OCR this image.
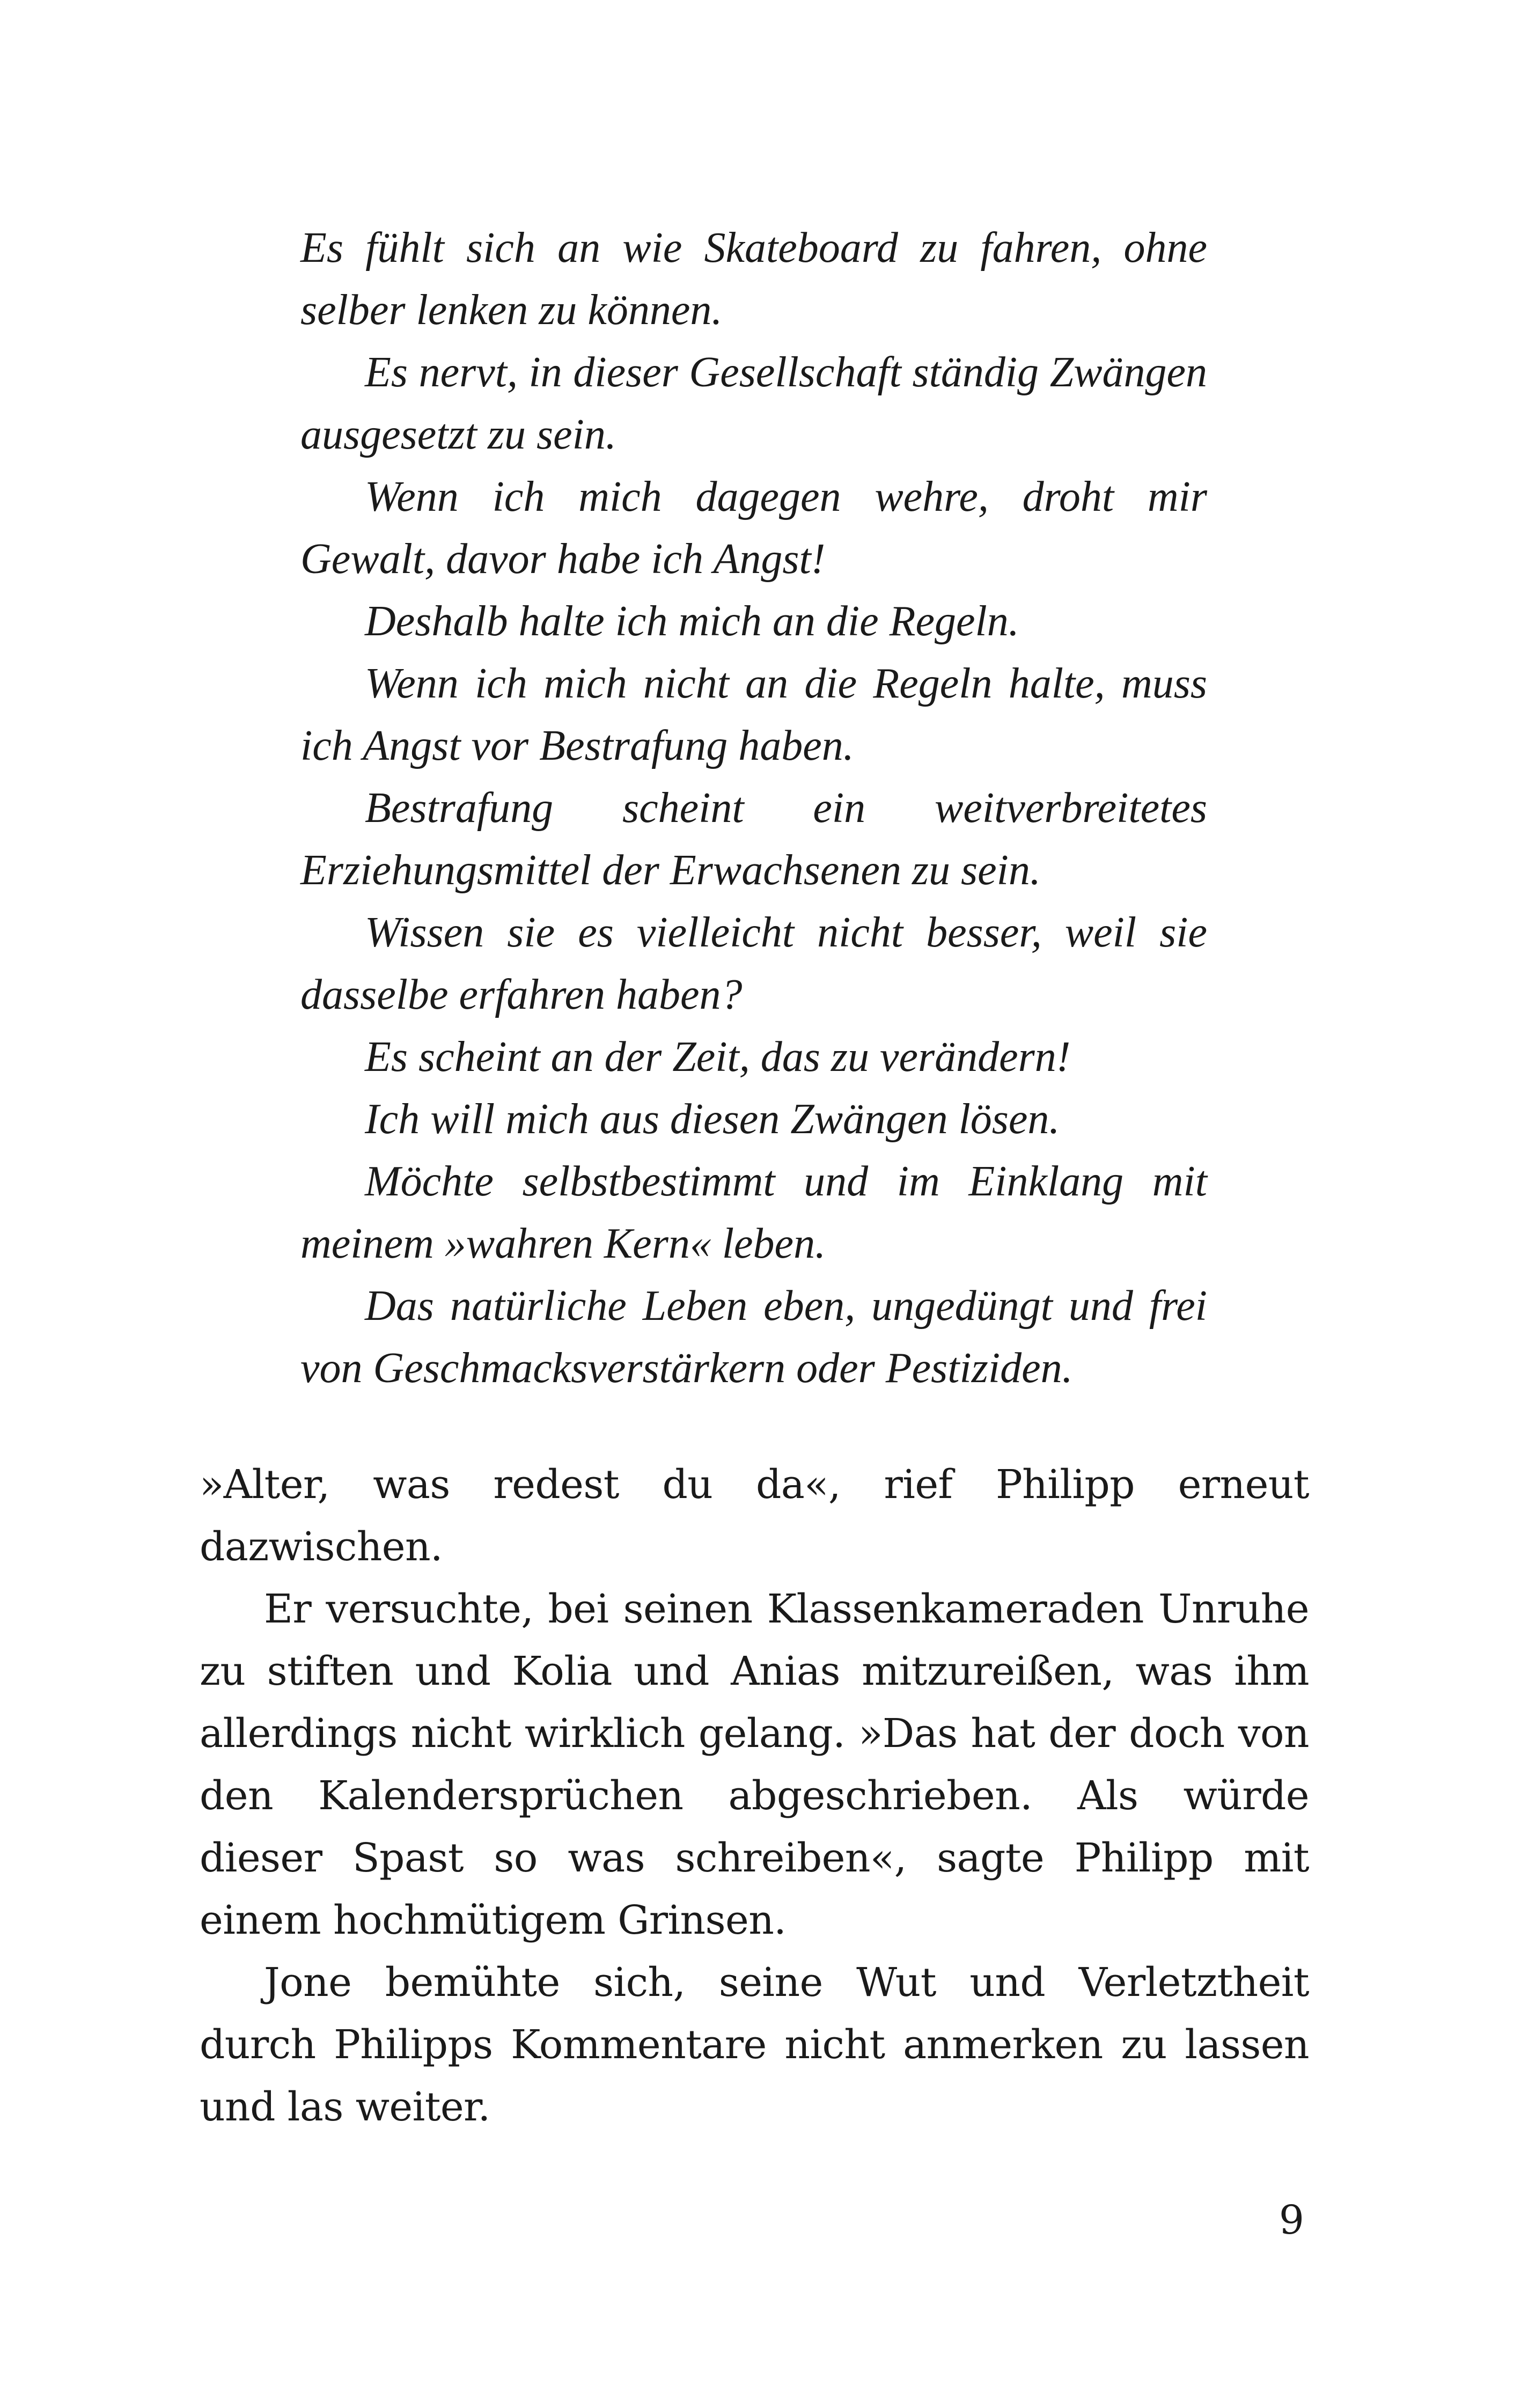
Es fühlt sich an wie Skateboard zu fahren, ohne selber lenken zu können.

Es nervt, in dieser Gesellschaft ständig Zwängen ausgesetzt zu sein.

Wenn ich mich dagegen wehre, droht mir Gewalt, davor habe ich Angst!

Deshalb halte ich mich an die Regeln.

Wenn ich mich nicht an die Regeln halte, muss ich Angst vor Bestrafung haben.

Bestrafung scheint ein weitverbreitetes Erziehungsmittel der Erwachsenen zu sein.

Wissen sie es vielleicht nicht besser, weil sie dasselbe erfahren haben?

Es scheint an der Zeit, das zu verändern!

Ich will mich aus diesen Zwängen lösen.

Möchte selbstbestimmt und im Einklang mit meinem »wahren Kern« leben.

Das natürliche Leben eben, ungedüngt und frei von Geschmacksverstärkern oder Pestiziden.

»Alter, was redest du da«, rief Philipp erneut dazwischen.

Er versuchte, bei seinen Klassenkameraden Unruhe zu stiften und Kolia und Anias mitzureißen, was ihm allerdings nicht wirklich gelang. »Das hat der doch von den Kalendersprüchen abgeschrieben. Als würde dieser Spast so was schreiben«, sagte Philipp mit einem hochmütigem Grinsen.

Jone bemühte sich, seine Wut und Verletztheit durch Philipps Kommentare nicht anmerken zu lassen und las weiter.

9
